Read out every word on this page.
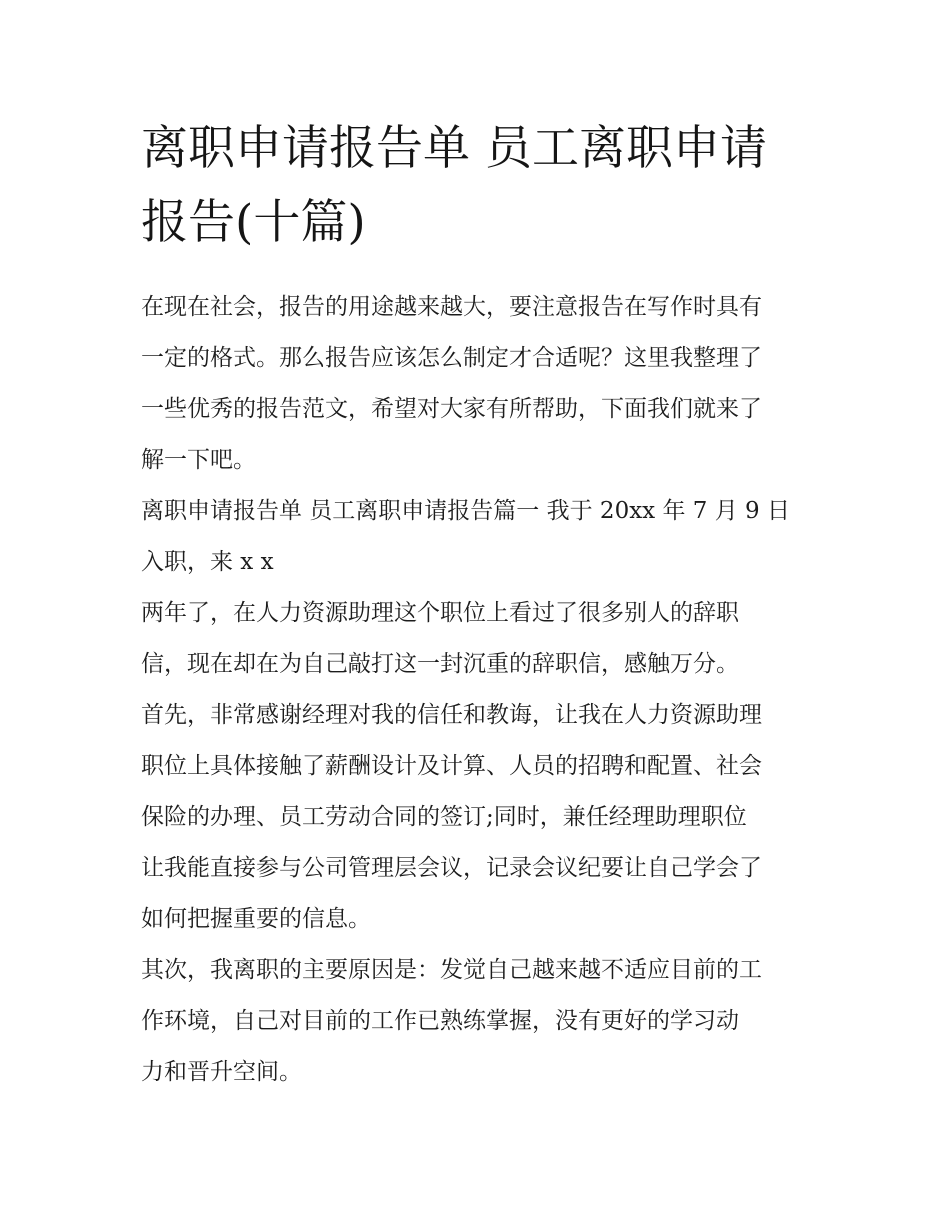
离职申请报告单 员工离职申请
报告(十篇)

在现在社会，报告的用途越来越大，要注意报告在写作时具有
一定的格式。那么报告应该怎么制定才合适呢？这里我整理了
一些优秀的报告范文，希望对大家有所帮助，下面我们就来了
解一下吧。

离职申请报告单 员工离职申请报告篇一 我于 20xx 年 7 月 9 日
入职，来 x x

两年了，在人力资源助理这个职位上看过了很多别人的辞职
信，现在却在为自己敲打这一封沉重的辞职信，感触万分。

首先，非常感谢经理对我的信任和教诲，让我在人力资源助理
职位上具体接触了薪酬设计及计算、人员的招聘和配置、社会
保险的办理、员工劳动合同的签订;同时，兼任经理助理职位
让我能直接参与公司管理层会议，记录会议纪要让自己学会了
如何把握重要的信息。

其次，我离职的主要原因是：发觉自己越来越不适应目前的工
作环境，自己对目前的工作已熟练掌握，没有更好的学习动
力和晋升空间。
